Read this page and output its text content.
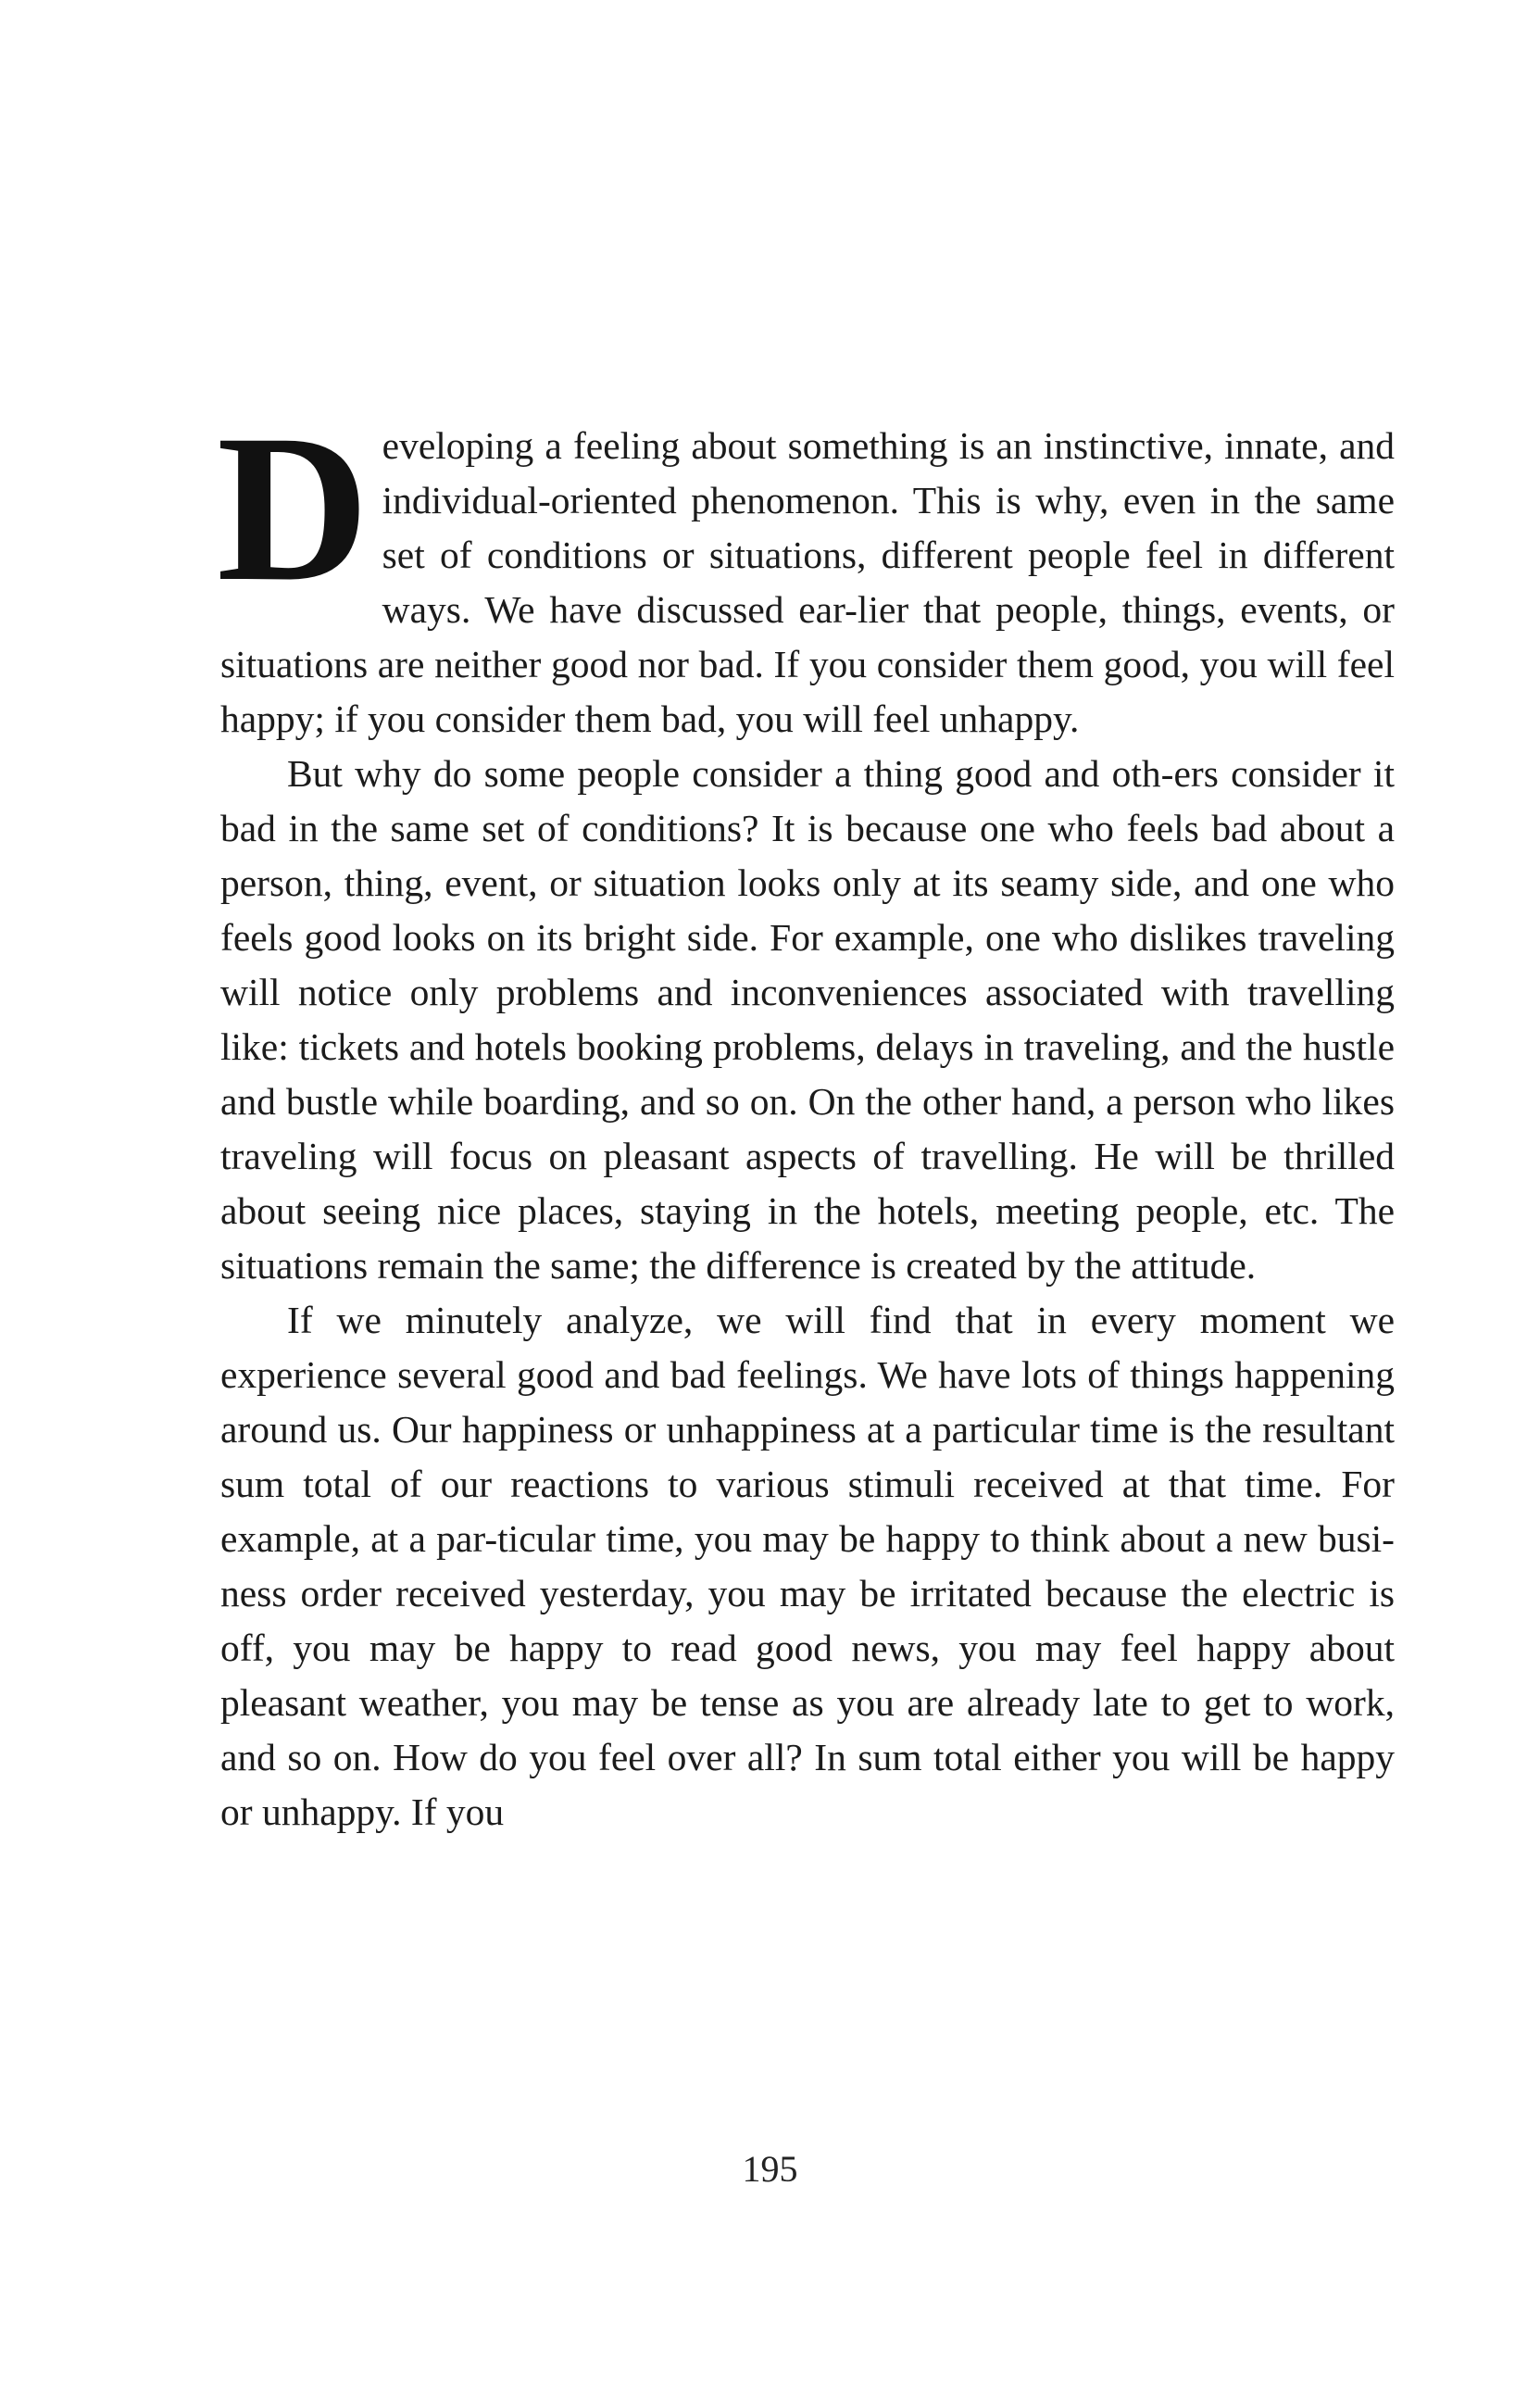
Developing a feeling about something is an instinctive, innate, and individual-oriented phenomenon. This is why, even in the same set of conditions or situations, different people feel in different ways. We have discussed ear-lier that people, things, events, or situations are neither good nor bad. If you consider them good, you will feel happy; if you consider them bad, you will feel unhappy.

But why do some people consider a thing good and oth-ers consider it bad in the same set of conditions? It is because one who feels bad about a person, thing, event, or situation looks only at its seamy side, and one who feels good looks on its bright side. For example, one who dislikes traveling will notice only problems and inconveniences associated with travelling like: tickets and hotels booking problems, delays in traveling, and the hustle and bustle while boarding, and so on. On the other hand, a person who likes traveling will focus on pleasant aspects of travelling. He will be thrilled about seeing nice places, staying in the hotels, meeting people, etc. The situations remain the same; the difference is created by the attitude.

If we minutely analyze, we will find that in every moment we experience several good and bad feelings. We have lots of things happening around us. Our happiness or unhappiness at a particular time is the resultant sum total of our reactions to various stimuli received at that time. For example, at a par-ticular time, you may be happy to think about a new busi-ness order received yesterday, you may be irritated because the electric is off, you may be happy to read good news, you may feel happy about pleasant weather, you may be tense as you are already late to get to work, and so on. How do you feel over all? In sum total either you will be happy or unhappy. If you

195
